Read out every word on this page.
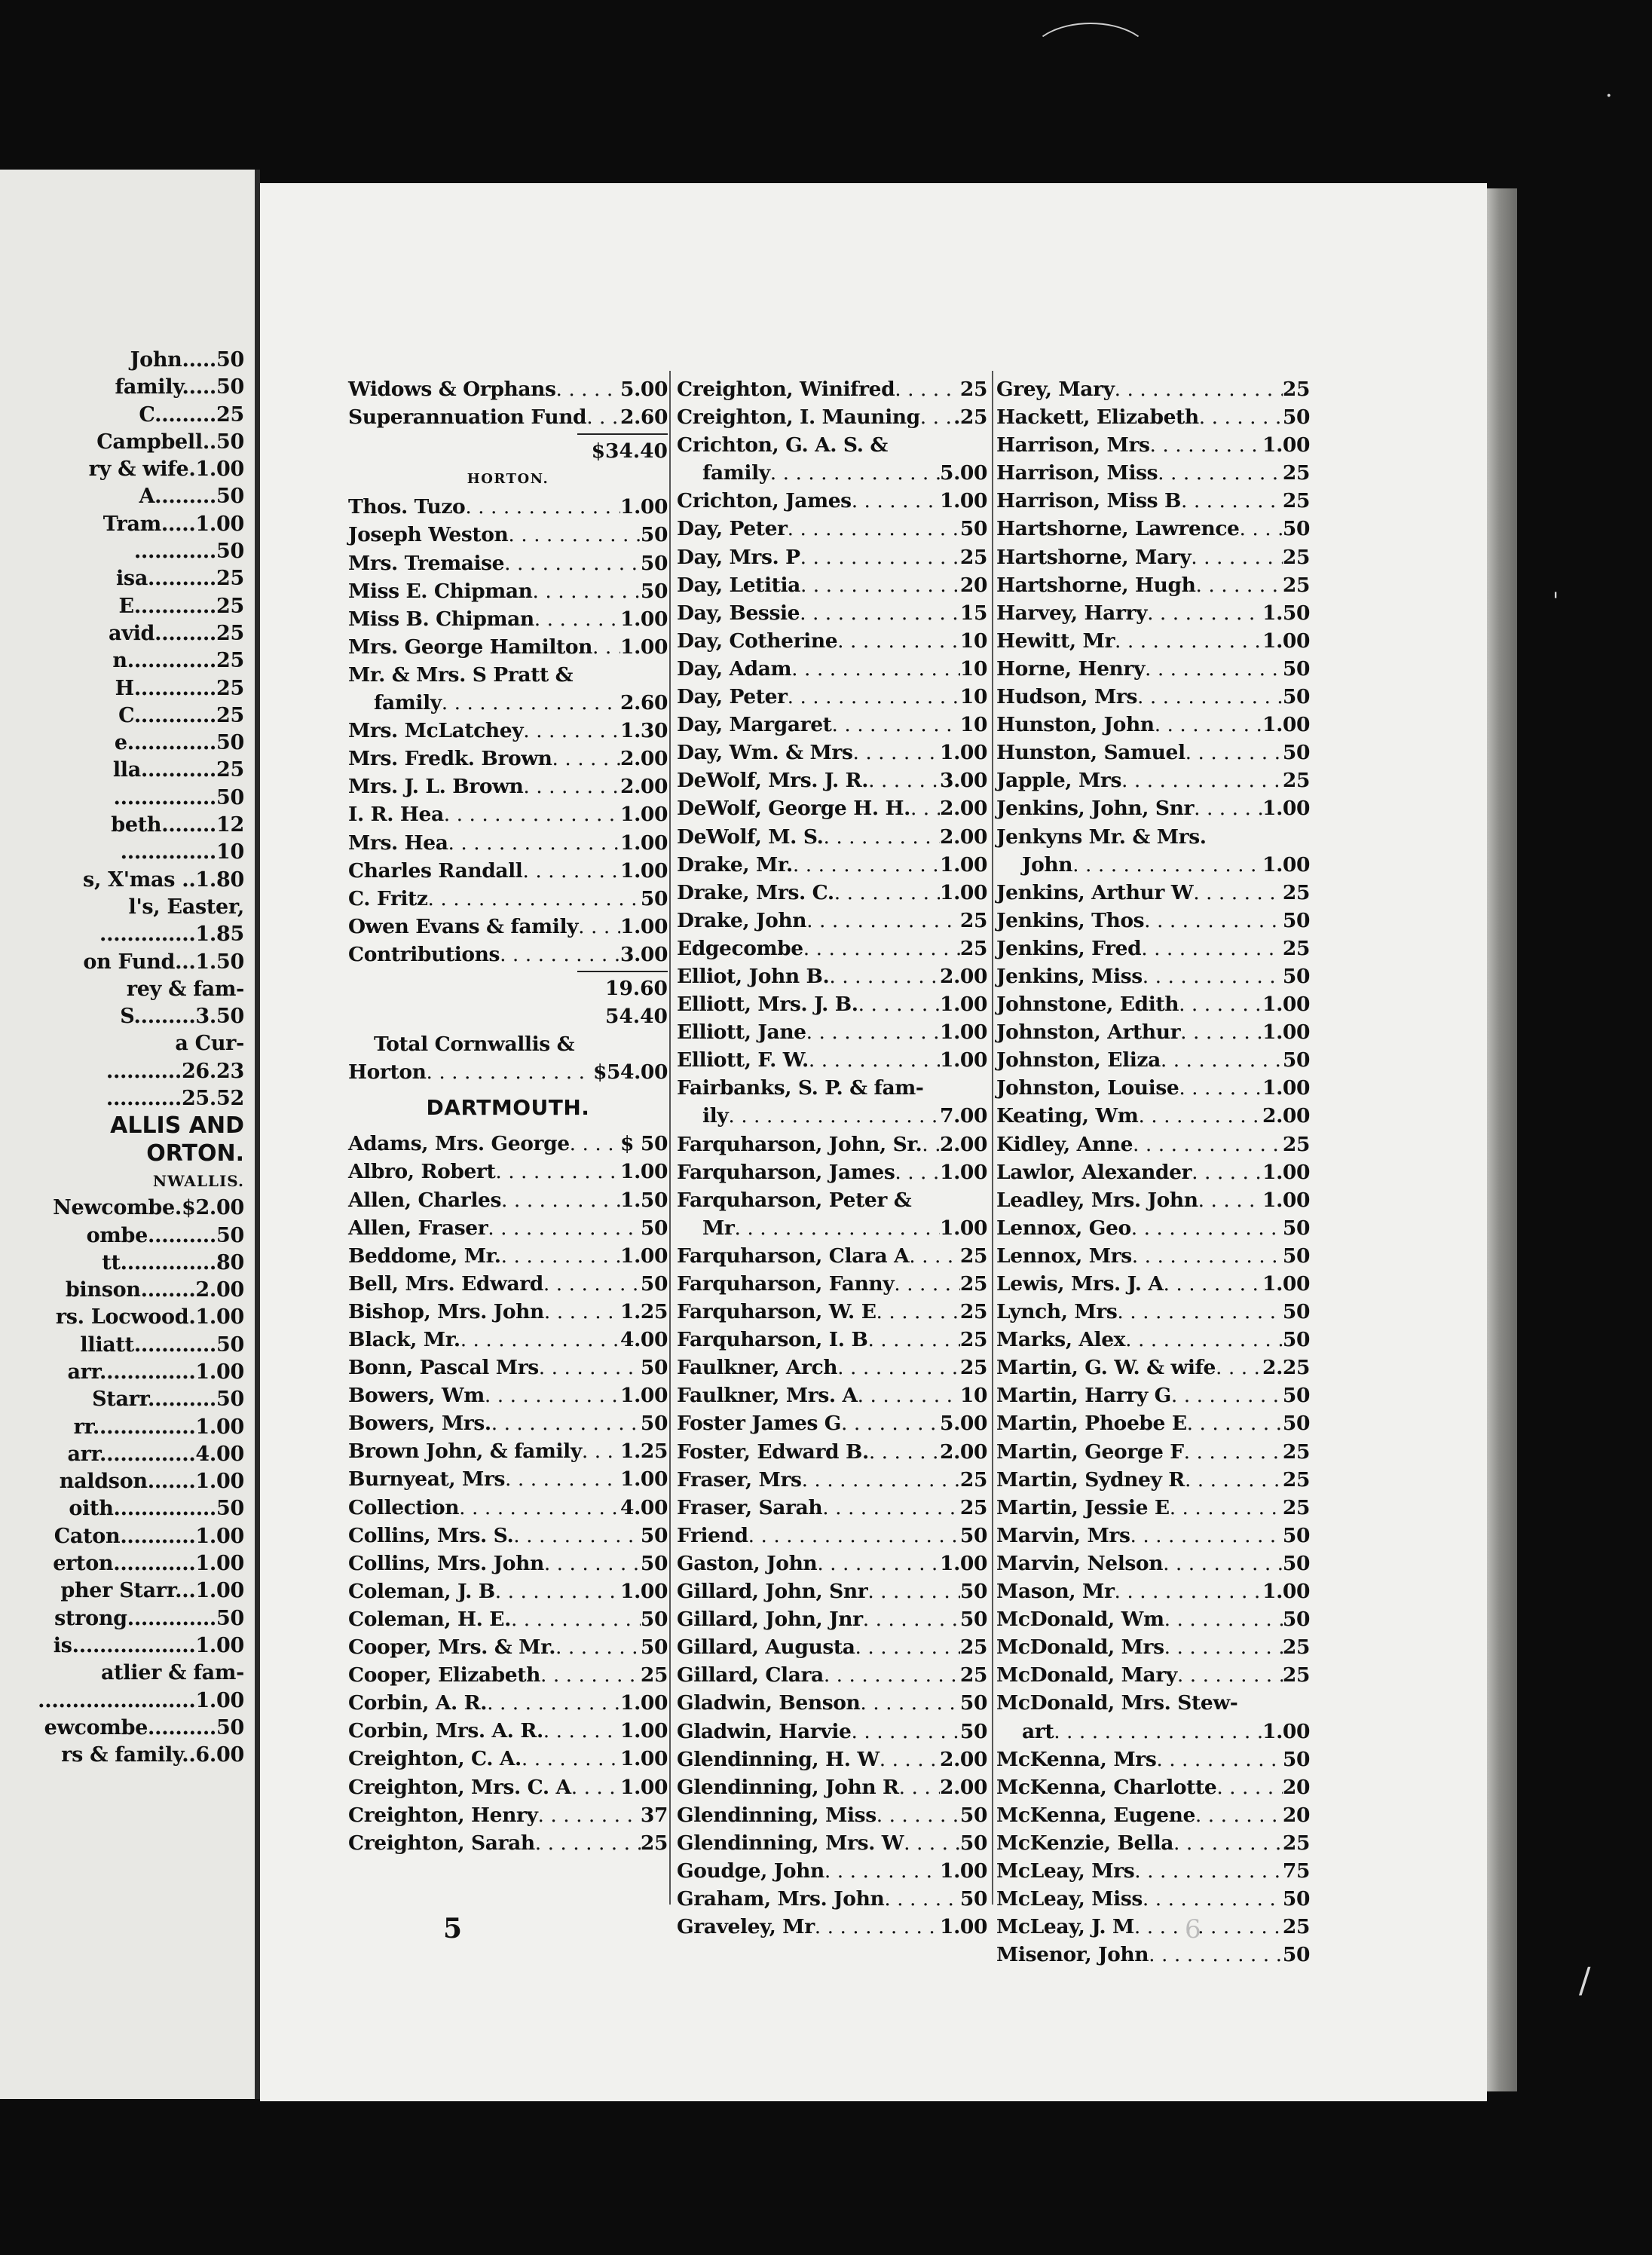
John.....50
family.....50
C.........25
Campbell..50
ry & wife.1.00
A.........50
Tram.....1.00
............50
isa..........25
E............25
avid.........25
n.............25
H............25
C............25
e.............50
lla...........25
...............50
beth........12
..............10
s, X'mas ..1.80
l's, Easter,
..............1.85
on Fund...1.50
rey & fam-
S.........3.50
a Cur-
...........26.23
...........25.52
ALLIS AND
ORTON.
NWALLIS.
Newcombe.$2.00
ombe..........50
tt..............80
binson........2.00
rs. Locwood.1.00
lliatt............50
arr..............1.00
Starr..........50
rr...............1.00
arr..............4.00
naldson.......1.00
oith...............50
Caton...........1.00
erton............1.00
pher Starr...1.00
strong.............50
is..................1.00
atlier & fam-
.......................1.00
ewcombe..........50
rs & family..6.00
·
'
/
Widows & Orphans . . .	5.00
Superannuation Fund . . . 2.60
$34.40
HORTON.
Thos. Tuzo . . .	1.00
Joseph Weston . . .	50
Mrs. Tremaise . . .	50
Miss E. Chipman . . .	50
Miss B. Chipman . . .	1.00
Mrs. George Hamilton . . . 1.00
Mr. & Mrs. S Pratt &
family . . .	2.60
Mrs. McLatchey . . .	1.30
Mrs. Fredk. Brown . . .	2.00
Mrs. J. L. Brown . . .	2.00
I. R. Hea . . .	1.00
Mrs. Hea . . .	1.00
Charles Randall . . .	1.00
C. Fritz . . .	50
Owen Evans & family . . . 1.00
Contributions . . .	3.00
19.60
54.40
Total Cornwallis &
Horton . . .	$54.00
DARTMOUTH.
Adams, Mrs. George . . .	$ 50
Albro, Robert . . .	1.00
Allen, Charles . . .	1.50
Allen, Fraser . . .	50
Beddome, Mr. . . .	1.00
Bell, Mrs. Edward . . .	50
Bishop, Mrs. John . . .	1.25
Black, Mr. . . .	4.00
Bonn, Pascal Mrs . . .	50
Bowers, Wm . . .	1.00
Bowers, Mrs. . . .	50
Brown John, & family . . . 1.25
Burnyeat, Mrs . . .	1.00
Collection . . .	4.00
Collins, Mrs. S. . . .	50
Collins, Mrs. John . . .	50
Coleman, J. B . . .	1.00
Coleman, H. E. . . .	50
Cooper, Mrs. & Mr. . . .	50
Cooper, Elizabeth . . .	25
Corbin, A. R. . . .	1.00
Corbin, Mrs. A. R. . . .	1.00
Creighton, C. A. . . .	1.00
Creighton, Mrs. C. A . . . 1.00
Creighton, Henry . . .	37
Creighton, Sarah . . .	25
Creighton, Winifred . . .	25
Creighton, I. Mauning . . . .25
Crichton, G. A. S. &
family . . .	5.00
Crichton, James . . .	1.00
Day, Peter . . .	50
Day, Mrs. P . . .	25
Day, Letitia . . .	20
Day, Bessie . . .	15
Day, Cotherine . . .	10
Day, Adam . . .	10
Day, Peter . . .	10
Day, Margaret . . .	10
Day, Wm. & Mrs . . .	1.00
DeWolf, Mrs. J. R. . . .	3.00
DeWolf, George H. H. . . . 2.00
DeWolf, M. S. . . .	2.00
Drake, Mr. . . .	1.00
Drake, Mrs. C. . . .	1.00
Drake, John . . .	25
Edgecombe . . .	25
Elliot, John B. . . .	2.00
Elliott, Mrs. J. B. . . .	1.00
Elliott, Jane . . .	1.00
Elliott, F. W. . . .	1.00
Fairbanks, S. P. & fam-
ily . . .	7.00
Farquharson, John, Sr. . . . 2.00
Farquharson, James . . . 1.00
Farquharson, Peter &
Mr . . .	1.00
Farquharson, Clara A . . .	25
Farquharson, Fanny . . .	25
Farquharson, W. E . . .	25
Farquharson, I. B . . .	25
Faulkner, Arch . . .	25
Faulkner, Mrs. A . . .	10
Foster James G . . .	5.00
Foster, Edward B. . . .	2.00
Fraser, Mrs . . .	25
Fraser, Sarah . . .	25
Friend . . .	50
Gaston, John . . .	1.00
Gillard, John, Snr . . .	50
Gillard, John, Jnr . . .	50
Gillard, Augusta . . .	25
Gillard, Clara . . .	25
Gladwin, Benson . . .	50
Gladwin, Harvie . . .	50
Glendinning, H. W . . .	2.00
Glendinning, John R . . . 2.00
Glendinning, Miss . . .	50
Glendinning, Mrs. W . . .	50
Goudge, John . . .	1.00
Graham, Mrs. John . . .	50
Graveley, Mr . . .	1.00
Grey, Mary . . .	25
Hackett, Elizabeth . . .	50
Harrison, Mrs . . .	1.00
Harrison, Miss . . .	25
Harrison, Miss B . . .	25
Hartshorne, Lawrence . . . 50
Hartshorne, Mary . . .	25
Hartshorne, Hugh . . .	25
Harvey, Harry . . .	1.50
Hewitt, Mr . . .	1.00
Horne, Henry . . .	50
Hudson, Mrs . . .	50
Hunston, John . . .	1.00
Hunston, Samuel . . .	50
Japple, Mrs . . .	25
Jenkins, John, Snr . . .	1.00
Jenkyns Mr. & Mrs.
John . . .	1.00
Jenkins, Arthur W . . .	25
Jenkins, Thos . . .	50
Jenkins, Fred . . .	25
Jenkins, Miss . . .	50
Johnstone, Edith . . .	1.00
Johnston, Arthur . . .	1.00
Johnston, Eliza . . .	50
Johnston, Louise . . .	1.00
Keating, Wm . . .	2.00
Kidley, Anne . . .	25
Lawlor, Alexander . . .	1.00
Leadley, Mrs. John . . .	1.00
Lennox, Geo . . .	50
Lennox, Mrs . . .	50
Lewis, Mrs. J. A . . .	1.00
Lynch, Mrs . . .	50
Marks, Alex . . .	50
Martin, G. W. & wife . . . 2.25
Martin, Harry G . . .	50
Martin, Phoebe E . . .	50
Martin, George F . . .	25
Martin, Sydney R . . .	25
Martin, Jessie E . . .	25
Marvin, Mrs . . .	50
Marvin, Nelson . . .	50
Mason, Mr . . .	1.00
McDonald, Wm . . .	50
McDonald, Mrs . . .	25
McDonald, Mary . . .	25
McDonald, Mrs. Stew-
art . . .	1.00
McKenna, Mrs . . .	50
McKenna, Charlotte . . .	20
McKenna, Eugene . . .	20
McKenzie, Bella . . .	25
McLeay, Mrs . . .	75
McLeay, Miss . . .	50
McLeay, J. M . . .	25
Misenor, John . . .	50
5	6
